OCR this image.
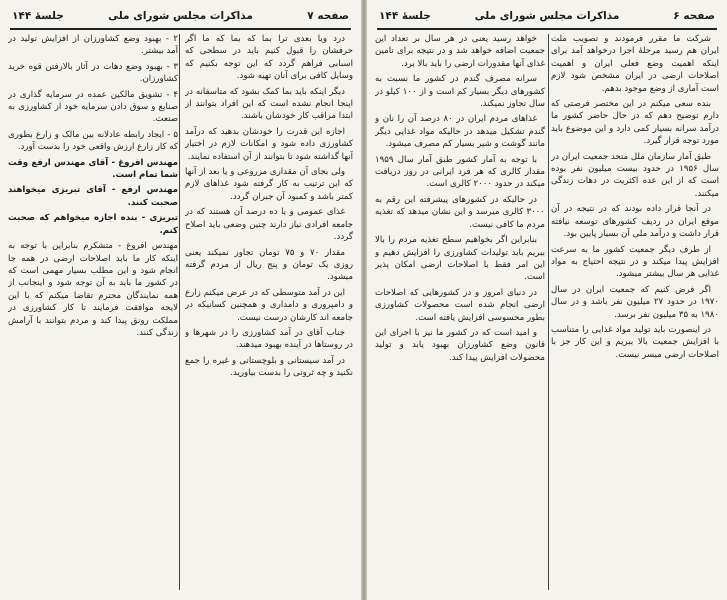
صفحه ۷
مذاکرات مجلس شورای ملی
جلسهٔ ۱۴۴

درد ویا بعدی ترا بما که بما که ما اگر حرفشان را قبول کنیم باید در سطحی که اسبابی فراهم گردد که این توجه بکنیم که وسایل کافی برای آنان تهیه شود.

دیگر اینکه باید بما کمک بشود که متاسفانه در اینجا انجام نشده است که این افراد بتوانند از ابتدا مراقب کار خودشان باشند.

اجازه این قدرت را خودشان بدهید که درآمد کشاورزی داده شود و امکانات لازم در اختیار آنها گذاشته شود تا بتوانند از آن استفاده نمایند.

ولی بجای آن مقداری مزروعی و یا بعد از آنها که این ترتیب به کار گرفته شود غذاهای لازم کمتر باشد و کمبود آن جبران گردد.

غذای عمومی و یا ده درصد آن هستند که در جامعه افرادی نیاز دارند چنین وضعی باید اصلاح گردد.

مقدار ۷۰ و ۷۵ تومان تجاوز نمیکند یعنی روزی یک تومان و پنج ریال از مردم گرفته میشود.

این در آمد متوسطی که در عرض میکنم زارع و دامپروری و دامداری و همچنین کسانیکه در جامعه اند کارشان درست نیست.

جناب آقای در آمد کشاورزی را در شهرها و در روستاها در آینده بهبود میدهند.

در آمد سیستانی و بلوچستانی و غیره را جمع نکنید و چه ثروتی را بدست بیاورید.

۲ - بهبود وضع کشاورزان از افزایش تولید در آمد بیشتر.

۳ - بهبود وضع دهات در آثار بالارفتن قوه خرید کشاورزان.

۴ - تشویق مالکین عمده در سرمایه گذاری در صنایع و سوق دادن سرمایه خود از کشاورزی به صنعت.

۵ - ایجاد رابطه عادلانه بین مالک و زارع بطوری که کار زارع ارزش واقعی خود را بدست آورد.

مهندس افروغ - آقای مهندس ارفع وقت شما تمام است.

مهندس ارفع - آقای تبریزی میخواهند صحبت کنند.

تبریزی - بنده اجازه میخواهم که صحبت کنم.

مهندس افروغ - متشکرم بنابراین با توجه به اینکه کار ما باید اصلاحات ارضی در همه جا انجام شود و این مطلب بسیار مهمی است که در کشور ما باید به آن توجه شود و اینجانب از همه نمایندگان محترم تقاضا میکنم که با این لایحه موافقت فرمایند تا کار کشاورزی در مملکت رونق پیدا کند و مردم بتوانند با آرامش زندگی کنند.

صفحه ۶
مذاکرات مجلس شورای ملی
جلسهٔ ۱۴۴

شرکت ما مقرر فرمودند و تصویب ملت ایران هم رسید مرحلهٔ اجرا درخواهد آمد برای اینکه اهمیت وضع فعلی ایران و اهمیت اصلاحات ارضی در ایران مشخص شود لازم است آماری از وضع موجود بدهم.

بنده سعی میکنم در این مختصر فرصتی که دارم توضیح دهم که در حال حاضر کشور ما درآمد سرانه بسیار کمی دارد و این موضوع باید مورد توجه قرار گیرد.

طبق آمار سازمان ملل متحد جمعیت ایران در سال ۱۹۵۶ در حدود بیست میلیون نفر بوده است که از این عده اکثریت در دهات زندگی میکنند.

در آنجا قرار داده بودند که در نتیجه در آن موقع ایران در ردیف کشورهای توسعه نیافته قرار داشت و درآمد ملی آن بسیار پایین بود.

از طرف دیگر جمعیت کشور ما به سرعت افزایش پیدا میکند و در نتیجه احتیاج به مواد غذایی هر سال بیشتر میشود.

اگر فرض کنیم که جمعیت ایران در سال ۱۹۷۰ در حدود ۲۷ میلیون نفر باشد و در سال ۱۹۸۰ به ۳۵ میلیون نفر برسد.

در اینصورت باید تولید مواد غذایی را متناسب با افزایش جمعیت بالا ببریم و این کار جز با اصلاحات ارضی میسر نیست.

خواهد رسید یعنی در هر سال بر تعداد این جمعیت اضافه خواهد شد و در نتیجه برای تامین غذای آنها مقدورات ارضی را باید بالا برد.

سرانه مصرف گندم در کشور ما نسبت به کشورهای دیگر بسیار کم است و از ۱۰۰ کیلو در سال تجاوز نمیکند.

غذاهای مردم ایران در ۸۰ درصد آن را نان و گندم تشکیل میدهد در حالیکه مواد غذایی دیگر مانند گوشت و شیر بسیار کم مصرف میشود.

با توجه به آمار کشور طبق آمار سال ۱۹۵۹ مقدار کالری که هر فرد ایرانی در روز دریافت میکند در حدود ۲۰۰۰ کالری است.

در حالیکه در کشورهای پیشرفته این رقم به ۳۰۰۰ کالری میرسد و این نشان میدهد که تغذیه مردم ما کافی نیست.

بنابراین اگر بخواهیم سطح تغذیه مردم را بالا ببریم باید تولیدات کشاورزی را افزایش دهیم و این امر فقط با اصلاحات ارضی امکان پذیر است.

در دنیای امروز و در کشورهایی که اصلاحات ارضی انجام شده است محصولات کشاورزی بطور محسوسی افزایش یافته است.

و امید است که در کشور ما نیز با اجرای این قانون وضع کشاورزان بهبود یابد و تولید محصولات افزایش پیدا کند.
